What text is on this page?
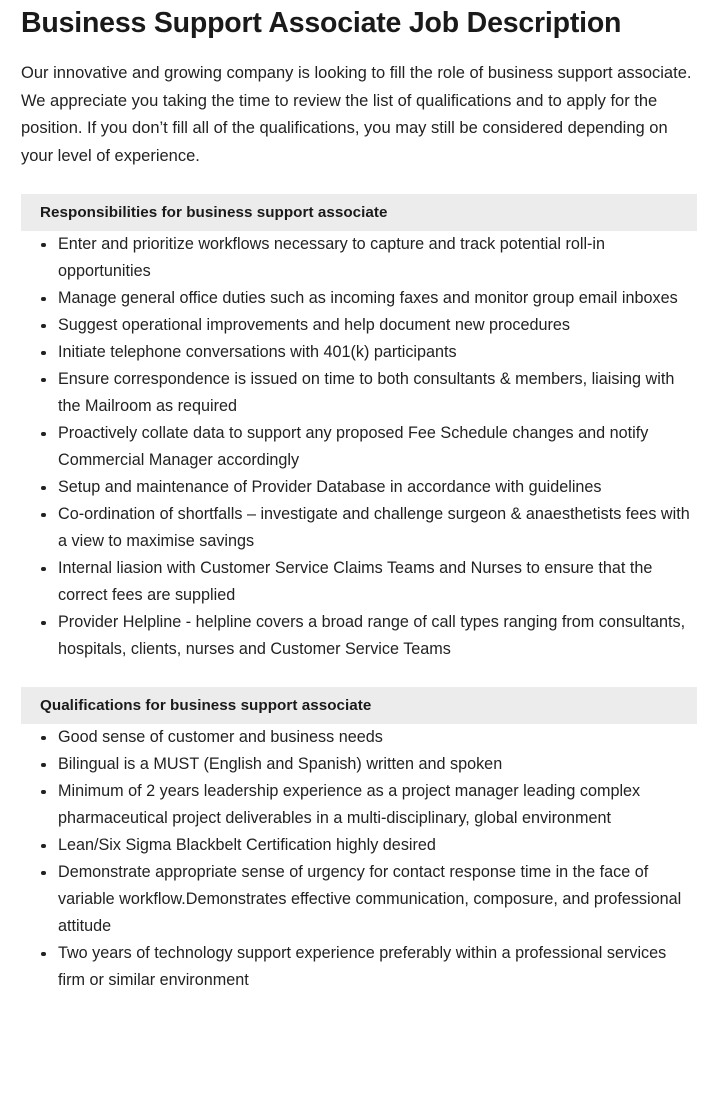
Business Support Associate Job Description

Our innovative and growing company is looking to fill the role of business support associate. We appreciate you taking the time to review the list of qualifications and to apply for the position. If you don’t fill all of the qualifications, you may still be considered depending on your level of experience.

Responsibilities for business support associate
Enter and prioritize workflows necessary to capture and track potential roll-in opportunities
Manage general office duties such as incoming faxes and monitor group email inboxes
Suggest operational improvements and help document new procedures
Initiate telephone conversations with 401(k) participants
Ensure correspondence is issued on time to both consultants & members, liaising with the Mailroom as required
Proactively collate data to support any proposed Fee Schedule changes and notify Commercial Manager accordingly
Setup and maintenance of Provider Database in accordance with guidelines
Co-ordination of shortfalls – investigate and challenge surgeon & anaesthetists fees with a view to maximise savings
Internal liasion with Customer Service Claims Teams and Nurses to ensure that the correct fees are supplied
Provider Helpline - helpline covers a broad range of call types ranging from consultants, hospitals, clients, nurses and Customer Service Teams
Qualifications for business support associate
Good sense of customer and business needs
Bilingual is a MUST (English and Spanish) written and spoken
Minimum of 2 years leadership experience as a project manager leading complex pharmaceutical project deliverables in a multi-disciplinary, global environment
Lean/Six Sigma Blackbelt Certification highly desired
Demonstrate appropriate sense of urgency for contact response time in the face of variable workflow.Demonstrates effective communication, composure, and professional attitude
Two years of technology support experience preferably within a professional services firm or similar environment
